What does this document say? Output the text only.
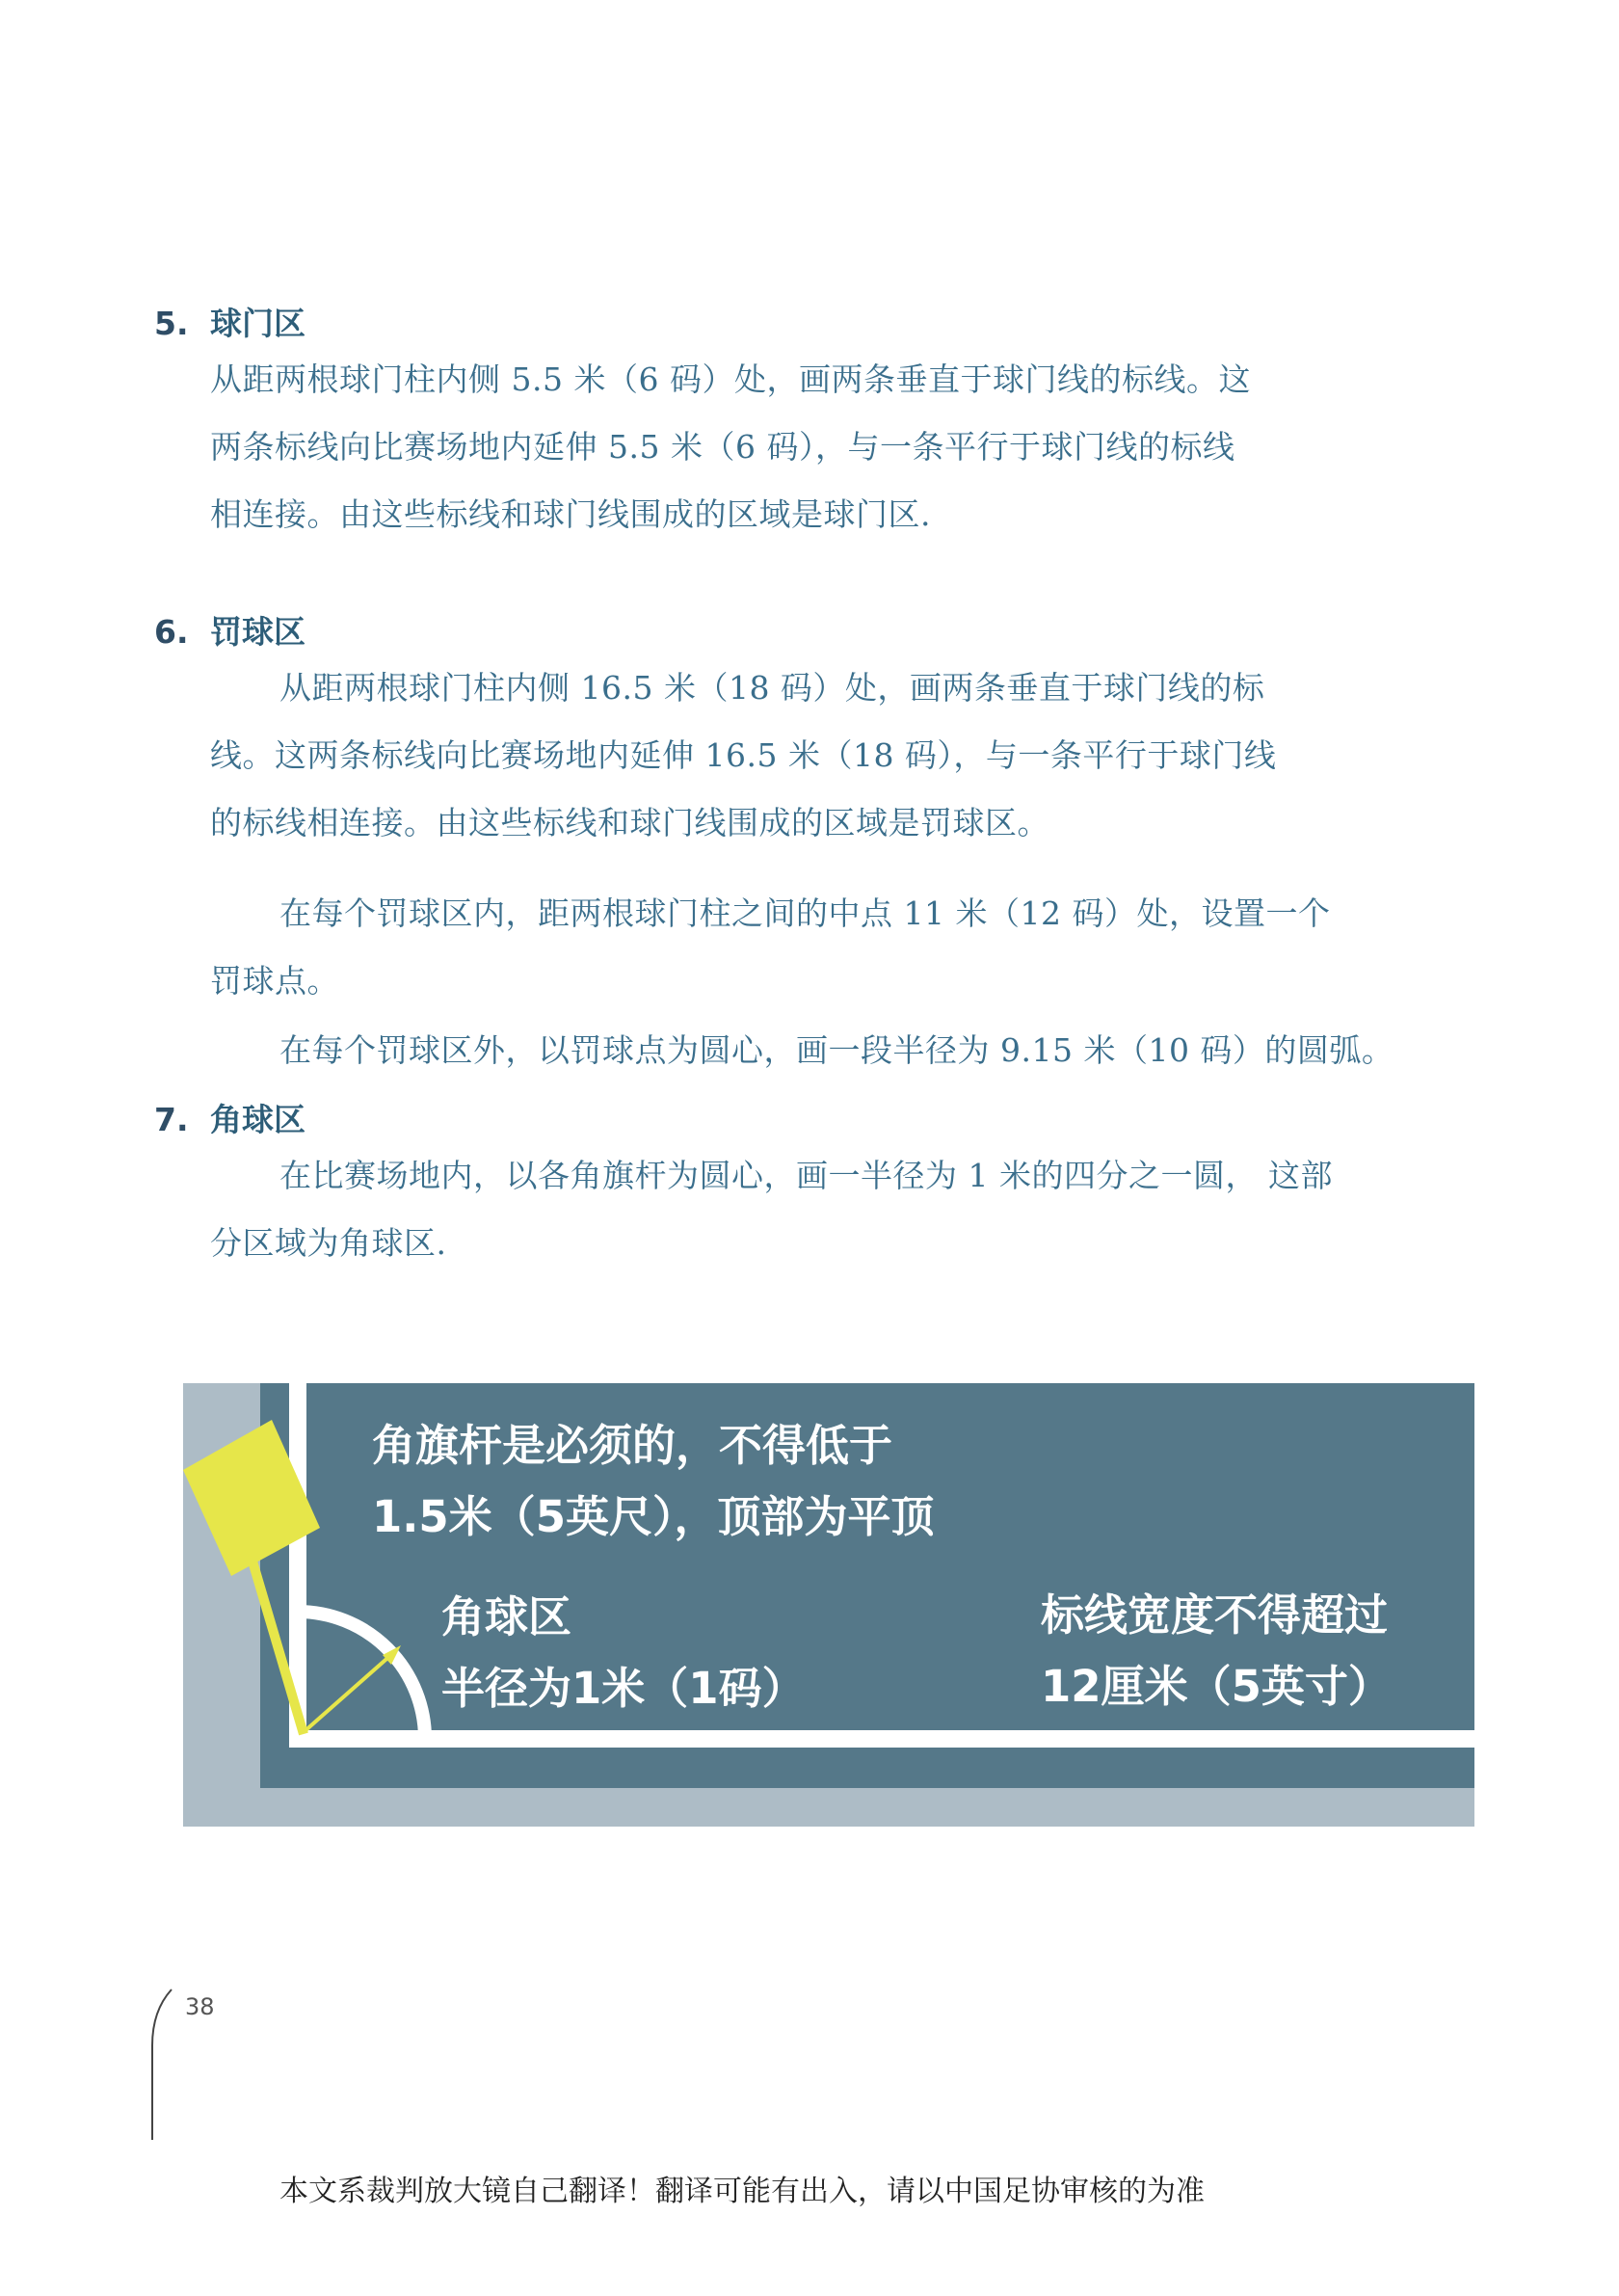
5. 球门区
从距两根球门柱内侧 5.5 米（6 码）处，画两条垂直于球门线的标线。这
两条标线向比赛场地内延伸 5.5 米（6 码），与一条平行于球门线的标线
相连接。由这些标线和球门线围成的区域是球门区.
6. 罚球区
从距两根球门柱内侧 16.5 米（18 码）处，画两条垂直于球门线的标
线。这两条标线向比赛场地内延伸 16.5 米（18 码），与一条平行于球门线
的标线相连接。由这些标线和球门线围成的区域是罚球区。
在每个罚球区内，距两根球门柱之间的中点 11 米（12 码）处，设置一个
罚球点。
在每个罚球区外，以罚球点为圆心，画一段半径为 9.15 米（10 码）的圆弧。
7. 角球区
在比赛场地内，以各角旗杆为圆心，画一半径为 1 米的四分之一圆， 这部
分区域为角球区.
角旗杆是必须的，不得低于
1.5米（5英尺），顶部为平顶
角球区
半径为1米（1码）
标线宽度不得超过
12厘米（5英寸）
38
本文系裁判放大镜自己翻译！翻译可能有出入，请以中国足协审核的为准
